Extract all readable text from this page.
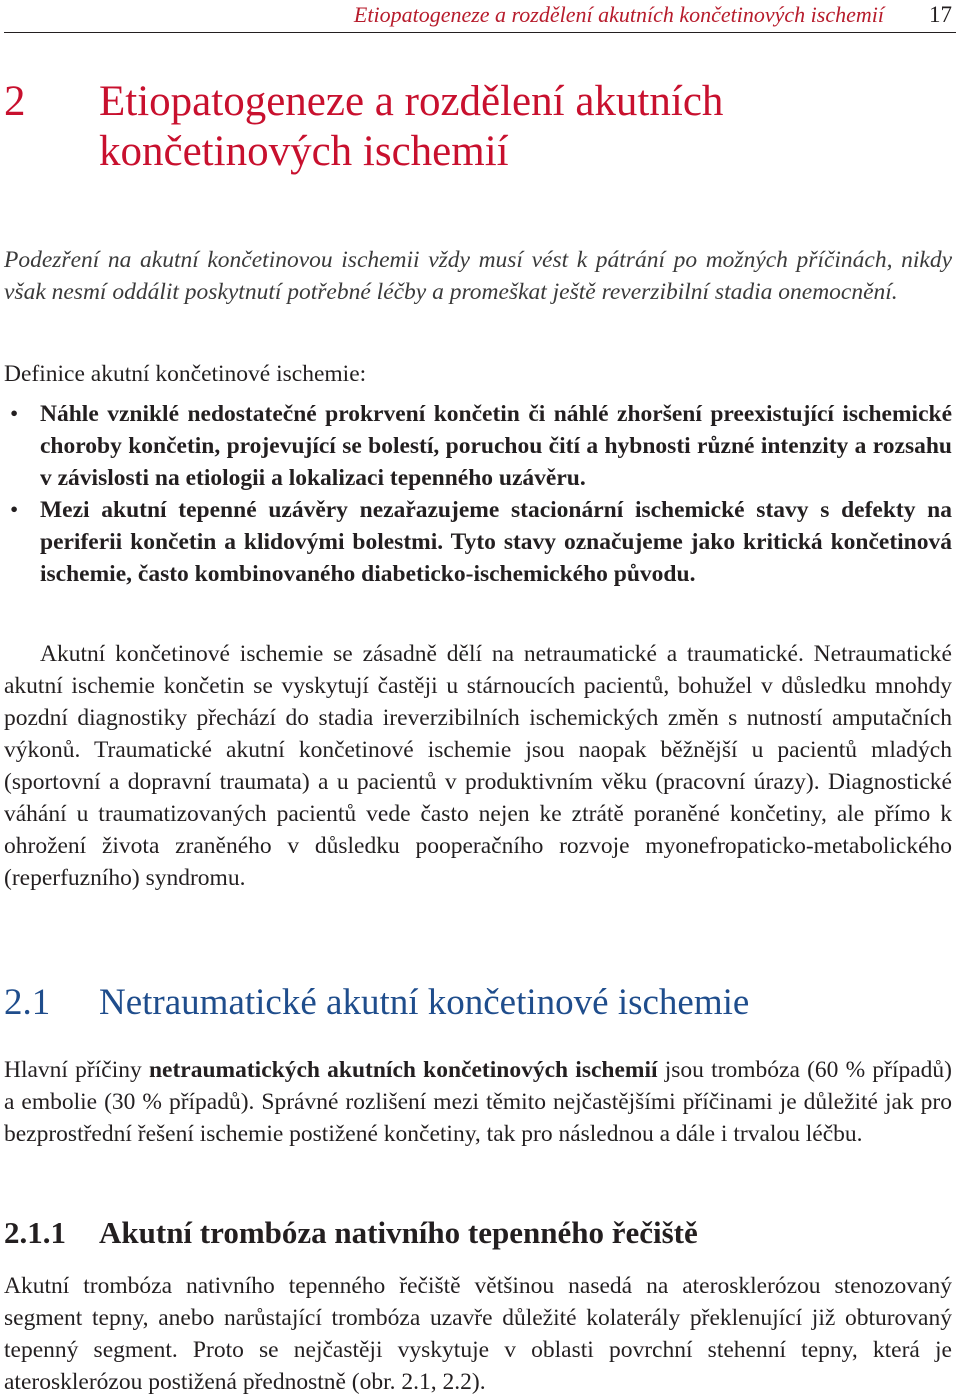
Etiopatogeneze a rozdělení akutních končetinových ischemií 17
2 Etiopatogeneze a rozdělení akutních končetinových ischemií

Podezření na akutní končetinovou ischemii vždy musí vést k pátrání po možných příčinách, nikdy však nesmí oddálit poskytnutí potřebné léčby a promeškat ještě reverzibilní stadia onemocnění.

Definice akutní končetinové ischemie:

• Náhle vzniklé nedostatečné prokrvení končetin či náhlé zhoršení preexistující ischemické choroby končetin, projevující se bolestí, poruchou čití a hybnosti různé intenzity a rozsahu v závislosti na etiologii a lokalizaci tepenného uzávěru.
• Mezi akutní tepenné uzávěry nezařazujeme stacionární ischemické stavy s defekty na periferii končetin a klidovými bolestmi. Tyto stavy označujeme jako kritická končetinová ischemie, často kombinovaného diabeticko-ischemického původu.

Akutní končetinové ischemie se zásadně dělí na netraumatické a traumatické. Netraumatické akutní ischemie končetin se vyskytují častěji u stárnoucích pacientů, bohužel v důsledku mnohdy pozdní diagnostiky přechází do stadia ireverzibilních ischemických změn s nutností amputačních výkonů. Traumatické akutní končetinové ischemie jsou naopak běžnější u pacientů mladých (sportovní a dopravní traumata) a u pacientů v produktivním věku (pracovní úrazy). Diagnostické váhání u traumatizovaných pacientů vede často nejen ke ztrátě poraněné končetiny, ale přímo k ohrožení života zraněného v důsledku pooperačního rozvoje myonefropaticko-metabolického (reperfuzního) syndromu.

2.1 Netraumatické akutní končetinové ischemie

Hlavní příčiny netraumatických akutních končetinových ischemií jsou trombóza (60 % případů) a embolie (30 % případů). Správné rozlišení mezi těmito nejčastějšími příčinami je důležité jak pro bezprostřední řešení ischemie postižené končetiny, tak pro následnou a dále i trvalou léčbu.

2.1.1 Akutní trombóza nativního tepenného řečiště

Akutní trombóza nativního tepenného řečiště většinou nasedá na aterosklerózou stenozovaný segment tepny, anebo narůstající trombóza uzavře důležité kolaterály překlenující již obturovaný tepenný segment. Proto se nejčastěji vyskytuje v oblasti povrchní stehenní tepny, která je aterosklerózou postižená přednostně (obr. 2.1, 2.2).
